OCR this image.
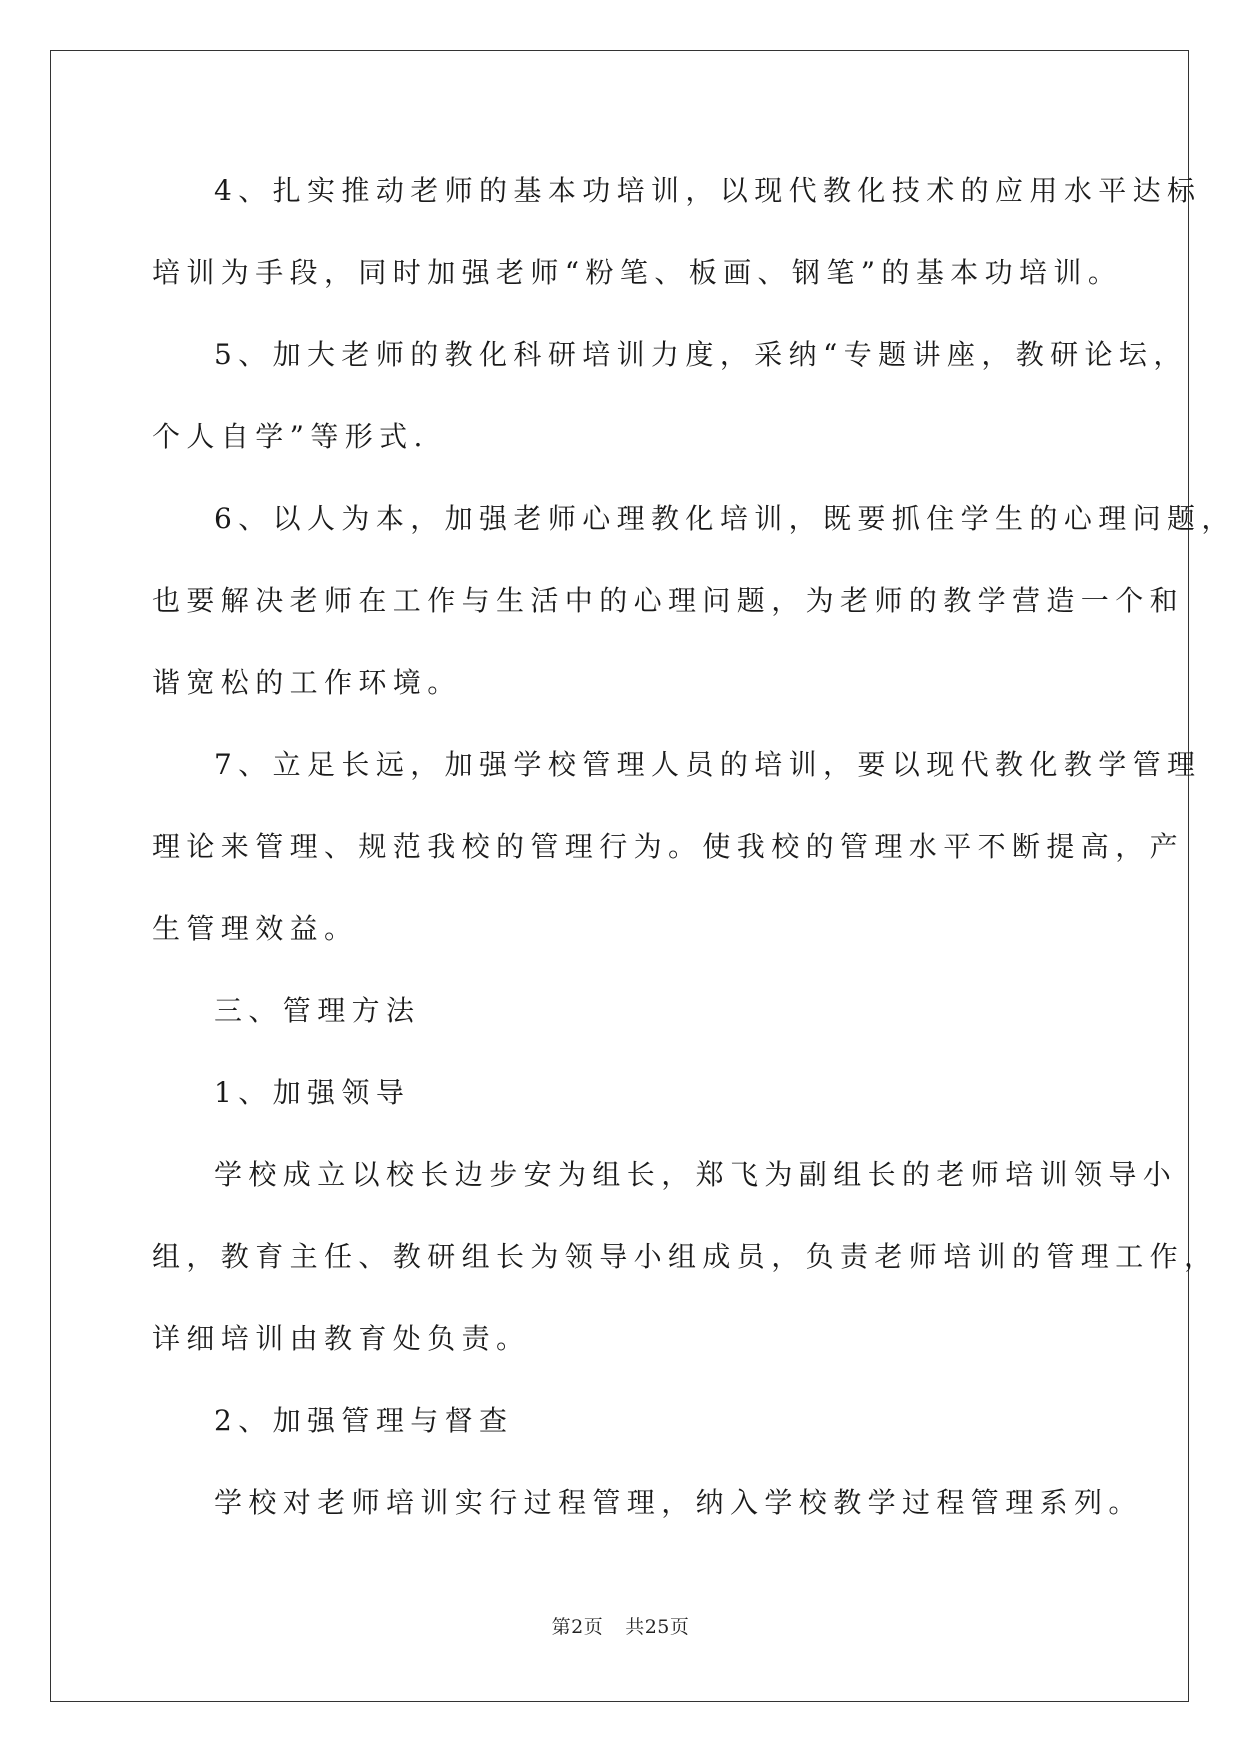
4、扎实推动老师的基本功培训，以现代教化技术的应用水平达标
培训为手段，同时加强老师“粉笔、板画、钢笔”的基本功培训。
5、加大老师的教化科研培训力度，采纳“专题讲座，教研论坛，
个人自学”等形式.
6、以人为本，加强老师心理教化培训，既要抓住学生的心理问题，
也要解决老师在工作与生活中的心理问题，为老师的教学营造一个和
谐宽松的工作环境。
7、立足长远，加强学校管理人员的培训，要以现代教化教学管理
理论来管理、规范我校的管理行为。使我校的管理水平不断提高，产
生管理效益。
三、管理方法
1、加强领导
学校成立以校长边步安为组长，郑飞为副组长的老师培训领导小
组，教育主任、教研组长为领导小组成员，负责老师培训的管理工作，
详细培训由教育处负责。
2、加强管理与督查
学校对老师培训实行过程管理，纳入学校教学过程管理系列。
第2页 共25页
